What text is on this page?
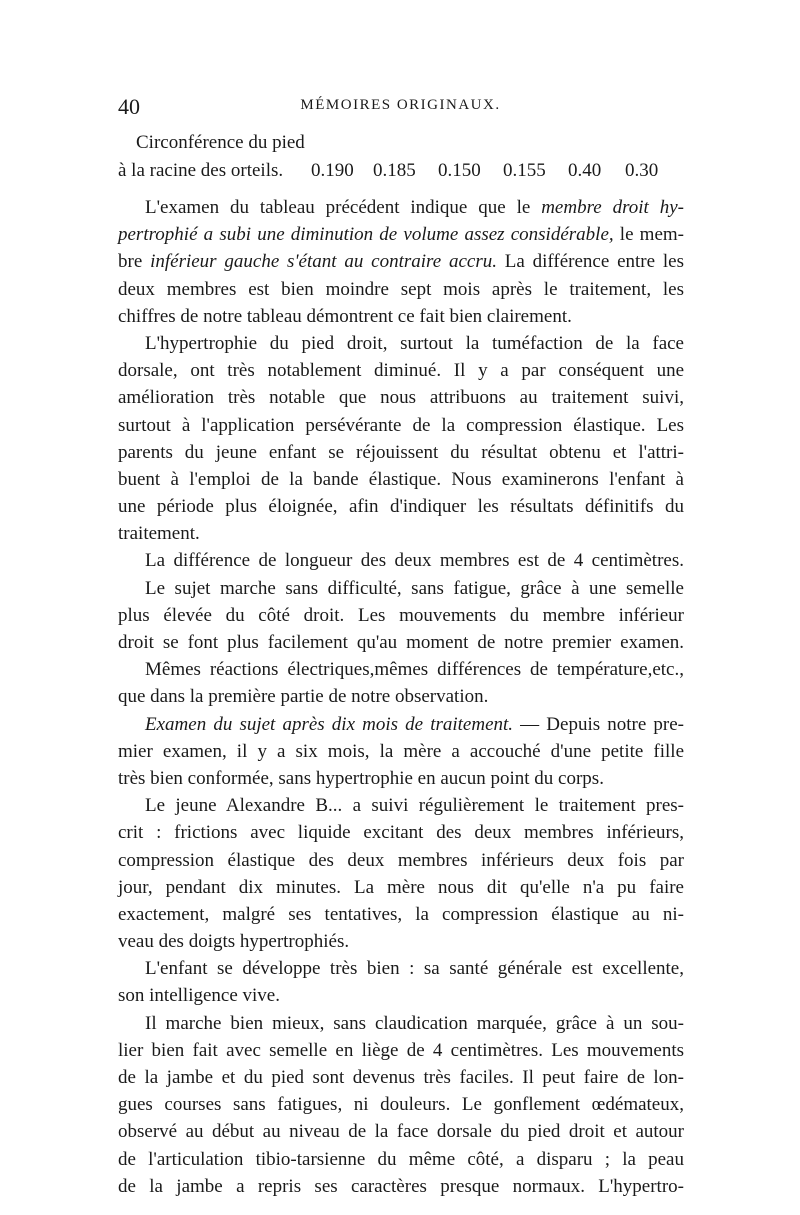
40	MÉMOIRES ORIGINAUX.
Circonférence du pied
à la racine des orteils.	0.190	0.185	0.150	0.155	0.40	0.30
L'examen du tableau précédent indique que le membre droit hy-
pertrophié a subi une diminution de volume assez considérable, le mem-
bre inférieur gauche s'étant au contraire accru. La différence entre les
deux membres est bien moindre sept mois après le traitement, les
chiffres de notre tableau démontrent ce fait bien clairement.
L'hypertrophie du pied droit, surtout la tuméfaction de la face
dorsale, ont très notablement diminué. Il y a par conséquent une
amélioration très notable que nous attribuons au traitement suivi,
surtout à l'application persévérante de la compression élastique. Les
parents du jeune enfant se réjouissent du résultat obtenu et l'attri-
buent à l'emploi de la bande élastique. Nous examinerons l'enfant à
une période plus éloignée, afin d'indiquer les résultats définitifs du
traitement.
La différence de longueur des deux membres est de 4 centimètres.
Le sujet marche sans difficulté, sans fatigue, grâce à une semelle
plus élevée du côté droit. Les mouvements du membre inférieur
droit se font plus facilement qu'au moment de notre premier examen.
Mêmes réactions électriques,mêmes différences de température,etc.,
que dans la première partie de notre observation.
Examen du sujet après dix mois de traitement. — Depuis notre pre-
mier examen, il y a six mois, la mère a accouché d'une petite fille
très bien conformée, sans hypertrophie en aucun point du corps.
Le jeune Alexandre B... a suivi régulièrement le traitement pres-
crit : frictions avec liquide excitant des deux membres inférieurs,
compression élastique des deux membres inférieurs deux fois par
jour, pendant dix minutes. La mère nous dit qu'elle n'a pu faire
exactement, malgré ses tentatives, la compression élastique au ni-
veau des doigts hypertrophiés.
L'enfant se développe très bien : sa santé générale est excellente,
son intelligence vive.
Il marche bien mieux, sans claudication marquée, grâce à un sou-
lier bien fait avec semelle en liège de 4 centimètres. Les mouvements
de la jambe et du pied sont devenus très faciles. Il peut faire de lon-
gues courses sans fatigues, ni douleurs. Le gonflement œdémateux,
observé au début au niveau de la face dorsale du pied droit et autour
de l'articulation tibio-tarsienne du même côté, a disparu ; la peau
de la jambe a repris ses caractères presque normaux. L'hypertro-
